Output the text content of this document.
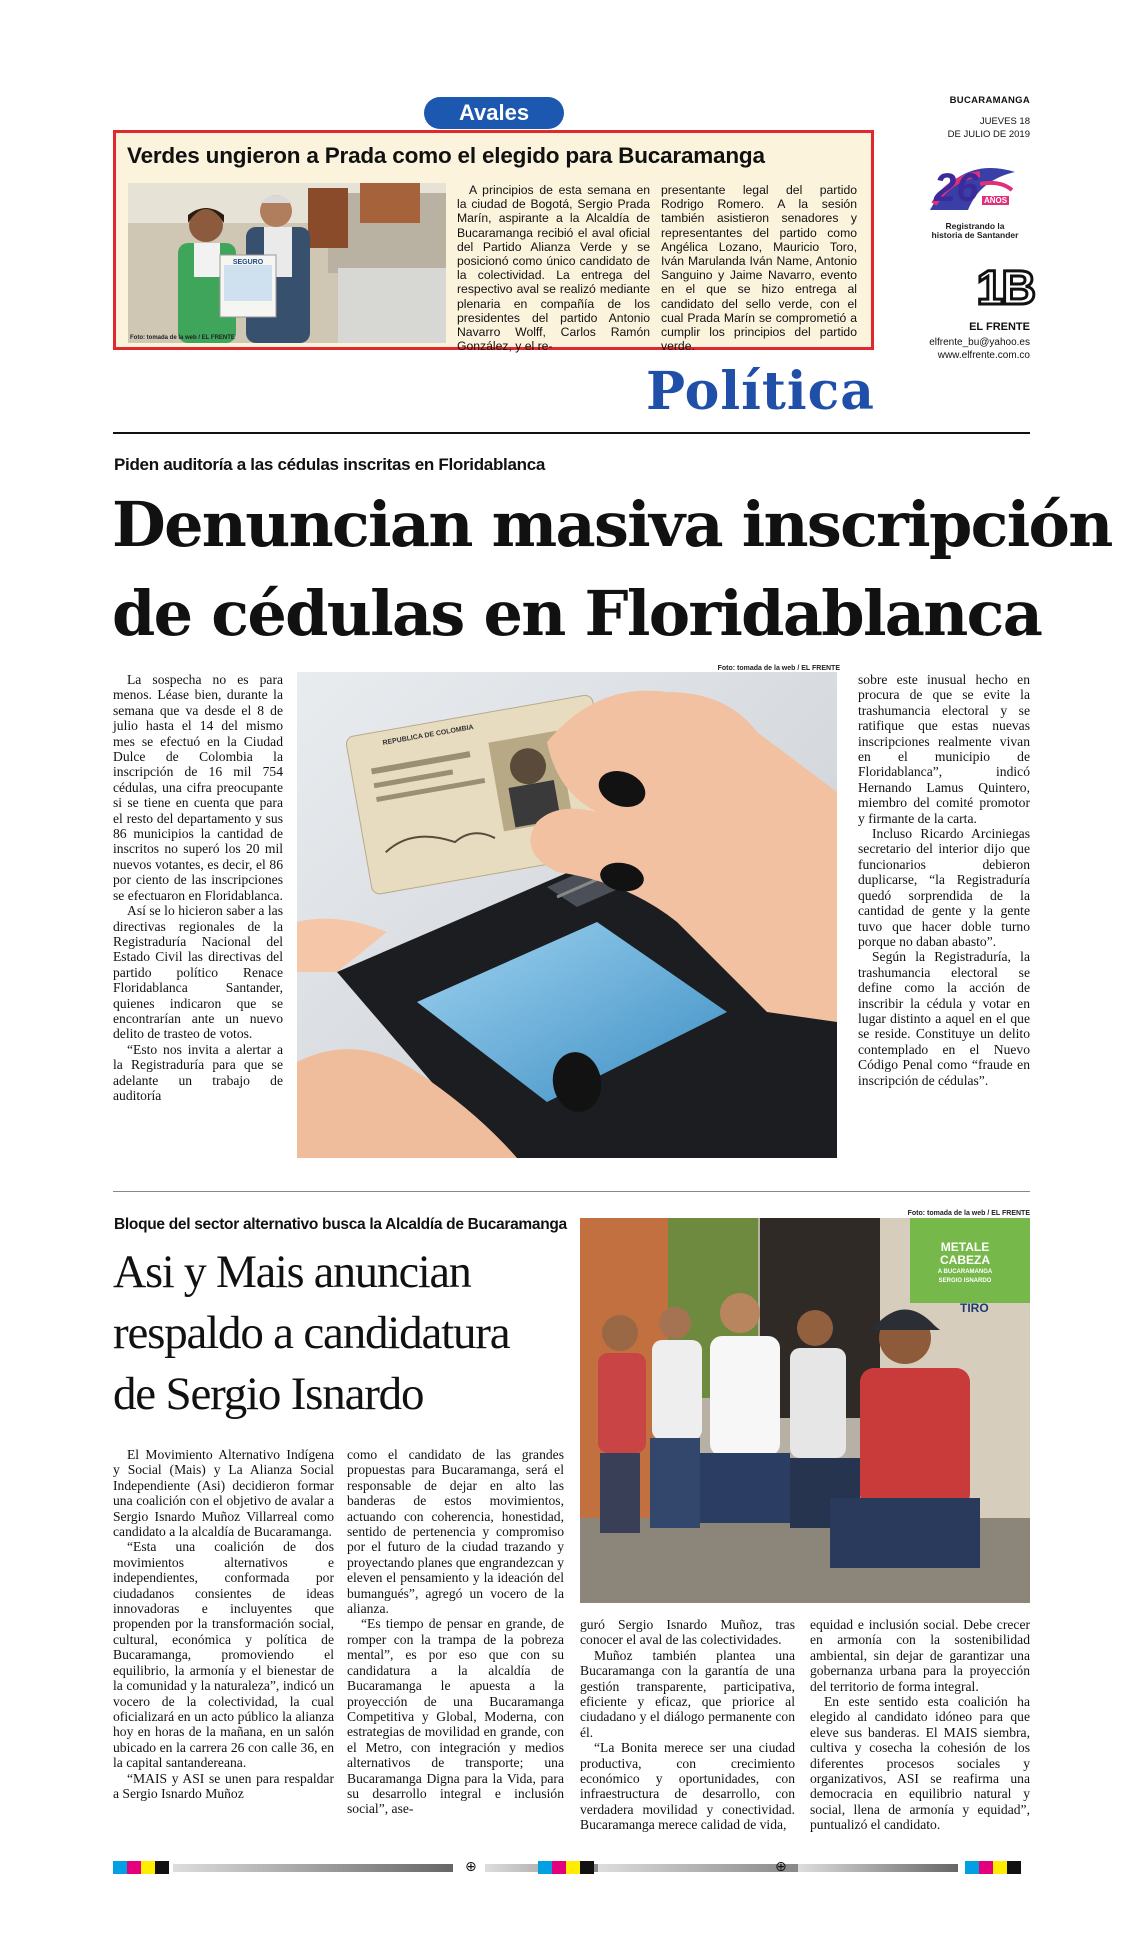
Avales
Verdes ungieron a Prada como el elegido para Bucaramanga
SEGURO
Foto: tomada de la web / EL FRENTE

A principios de esta semana en la ciudad de Bogotá, Sergio Prada Marín, aspirante a la Alcaldía de Bucaramanga recibió el aval oficial del Partido Alianza Verde y se posicionó como único candidato de la colectividad. La entrega del respectivo aval se realizó mediante plenaria en compañía de los presidentes del partido Antonio Navarro Wolff, Carlos Ramón González, y el re-

presentante legal del partido Rodrigo Romero. A la sesión también asistieron senadores y representantes del partido como Angélica Lozano, Mauricio Toro, Iván Marulanda Iván Name, Antonio Sanguino y Jaime Navarro, evento en el que se hizo entrega al candidato del sello verde, con el cual Prada Marín se comprometió a cumplir los principios del partido verde.

BUCARAMANGA
JUEVES 18
DE JULIO DE 2019
26 AÑOS
Registrando la historia de Santander
1B
EL FRENTE
elfrente_bu@yahoo.es
www.elfrente.com.co
Política
Piden auditoría a las cédulas inscritas en Floridablanca
Denuncian masiva inscripción
de cédulas en Floridablanca

La sospecha no es para menos. Léase bien, durante la semana que va desde el 8 de julio hasta el 14 del mismo mes se efectuó en la Ciudad Dulce de Colombia la inscripción de 16 mil 754 cédulas, una cifra preocupante si se tiene en cuenta que para el resto del departamento y sus 86 municipios la cantidad de inscritos no superó los 20 mil nuevos votantes, es decir, el 86 por ciento de las inscripciones se efectuaron en Floridablanca.

Así se lo hicieron saber a las directivas regionales de la Registraduría Nacional del Estado Civil las directivas del partido político Renace Floridablanca Santander, quienes indicaron que se encontrarían ante un nuevo delito de trasteo de votos.

“Esto nos invita a alertar a la Registraduría para que se adelante un trabajo de auditoría

REPUBLICA DE COLOMBIA
Foto: tomada de la web / EL FRENTE

sobre este inusual hecho en procura de que se evite la trashumancia electoral y se ratifique que estas nuevas inscripciones realmente vivan en el municipio de Floridablanca”, indicó Hernando Lamus Quintero, miembro del comité promotor y firmante de la carta.

Incluso Ricardo Arciniegas secretario del interior dijo que funcionarios debieron duplicarse, “la Registraduría quedó sorprendida de la cantidad de gente y la gente tuvo que hacer doble turno porque no daban abasto”.

Según la Registraduría, la trashumancia electoral se define como la acción de inscribir la cédula y votar en lugar distinto a aquel en el que se reside. Constituye un delito contemplado en el Nuevo Código Penal como “fraude en inscripción de cédulas”.

Bloque del sector alternativo busca la Alcaldía de Bucaramanga
Asi y Mais anuncian
respaldo a candidatura
de Sergio Isnardo
TIRO
METALE
CABEZA
A BUCARAMANGA
SERGIO ISNARDO
Foto: tomada de la web / EL FRENTE

El Movimiento Alternativo Indígena y Social (Mais) y La Alianza Social Independiente (Asi) decidieron formar una coalición con el objetivo de avalar a Sergio Isnardo Muñoz Villarreal como candidato a la alcaldía de Bucaramanga.

“Esta una coalición de dos movimientos alternativos e independientes, conformada por ciudadanos consientes de ideas innovadoras e incluyentes que propenden por la transformación social, cultural, económica y política de Bucaramanga, promoviendo el equilibrio, la armonía y el bienestar de la comunidad y la naturaleza”, indicó un vocero de la colectividad, la cual oficializará en un acto público la alianza hoy en horas de la mañana, en un salón ubicado en la carrera 26 con calle 36, en la capital santandereana.

“MAIS y ASI se unen para respaldar a Sergio Isnardo Muñoz

como el candidato de las grandes propuestas para Bucaramanga, será el responsable de dejar en alto las banderas de estos movimientos, actuando con coherencia, honestidad, sentido de pertenencia y compromiso por el futuro de la ciudad trazando y proyectando planes que engrandezcan y eleven el pensamiento y la ideación del bumangués”, agregó un vocero de la alianza.

“Es tiempo de pensar en grande, de romper con la trampa de la pobreza mental”, es por eso que con su candidatura a la alcaldía de Bucaramanga le apuesta a la proyección de una Bucaramanga Competitiva y Global, Moderna, con estrategias de movilidad en grande, con el Metro, con integración y medios alternativos de transporte; una Bucaramanga Digna para la Vida, para su desarrollo integral e inclusión social”, ase-

guró Sergio Isnardo Muñoz, tras conocer el aval de las colectividades.

Muñoz también plantea una Bucaramanga con la garantía de una gestión transparente, participativa, eficiente y eficaz, que priorice al ciudadano y el diálogo permanente con él.

“La Bonita merece ser una ciudad productiva, con crecimiento económico y oportunidades, con infraestructura de desarrollo, con verdadera movilidad y conectividad. Bucaramanga merece calidad de vida,

equidad e inclusión social. Debe crecer en armonía con la sostenibilidad ambiental, sin dejar de garantizar una gobernanza urbana para la proyección del territorio de forma integral.

En este sentido esta coalición ha elegido al candidato idóneo para que eleve sus banderas. El MAIS siembra, cultiva y cosecha la cohesión de los diferentes procesos sociales y organizativos, ASI se reafirma una democracia en equilibrio natural y social, llena de armonía y equidad”, puntualizó el candidato.

⊕	⊕
